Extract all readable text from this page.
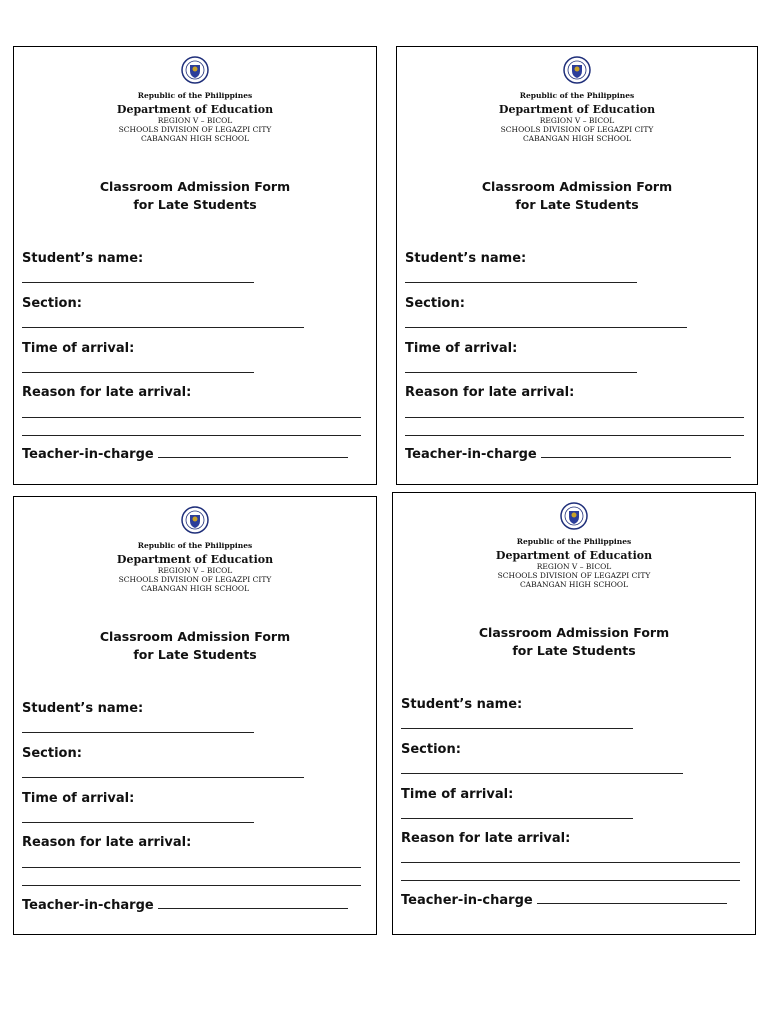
Republic of the Philippines
Department of Education
REGION V – BICOL
SCHOOLS DIVISION OF LEGAZPI CITY
CABANGAN HIGH SCHOOL
Classroom Admission Form
for Late Students
Student’s name:
Section:
Time of arrival:
Reason for late arrival:
Teacher-in-charge
Republic of the Philippines
Department of Education
REGION V – BICOL
SCHOOLS DIVISION OF LEGAZPI CITY
CABANGAN HIGH SCHOOL
Classroom Admission Form
for Late Students
Student’s name:
Section:
Time of arrival:
Reason for late arrival:
Teacher-in-charge
Republic of the Philippines
Department of Education
REGION V – BICOL
SCHOOLS DIVISION OF LEGAZPI CITY
CABANGAN HIGH SCHOOL
Classroom Admission Form
for Late Students
Student’s name:
Section:
Time of arrival:
Reason for late arrival:
Teacher-in-charge
Republic of the Philippines
Department of Education
REGION V – BICOL
SCHOOLS DIVISION OF LEGAZPI CITY
CABANGAN HIGH SCHOOL
Classroom Admission Form
for Late Students
Student’s name:
Section:
Time of arrival:
Reason for late arrival:
Teacher-in-charge
